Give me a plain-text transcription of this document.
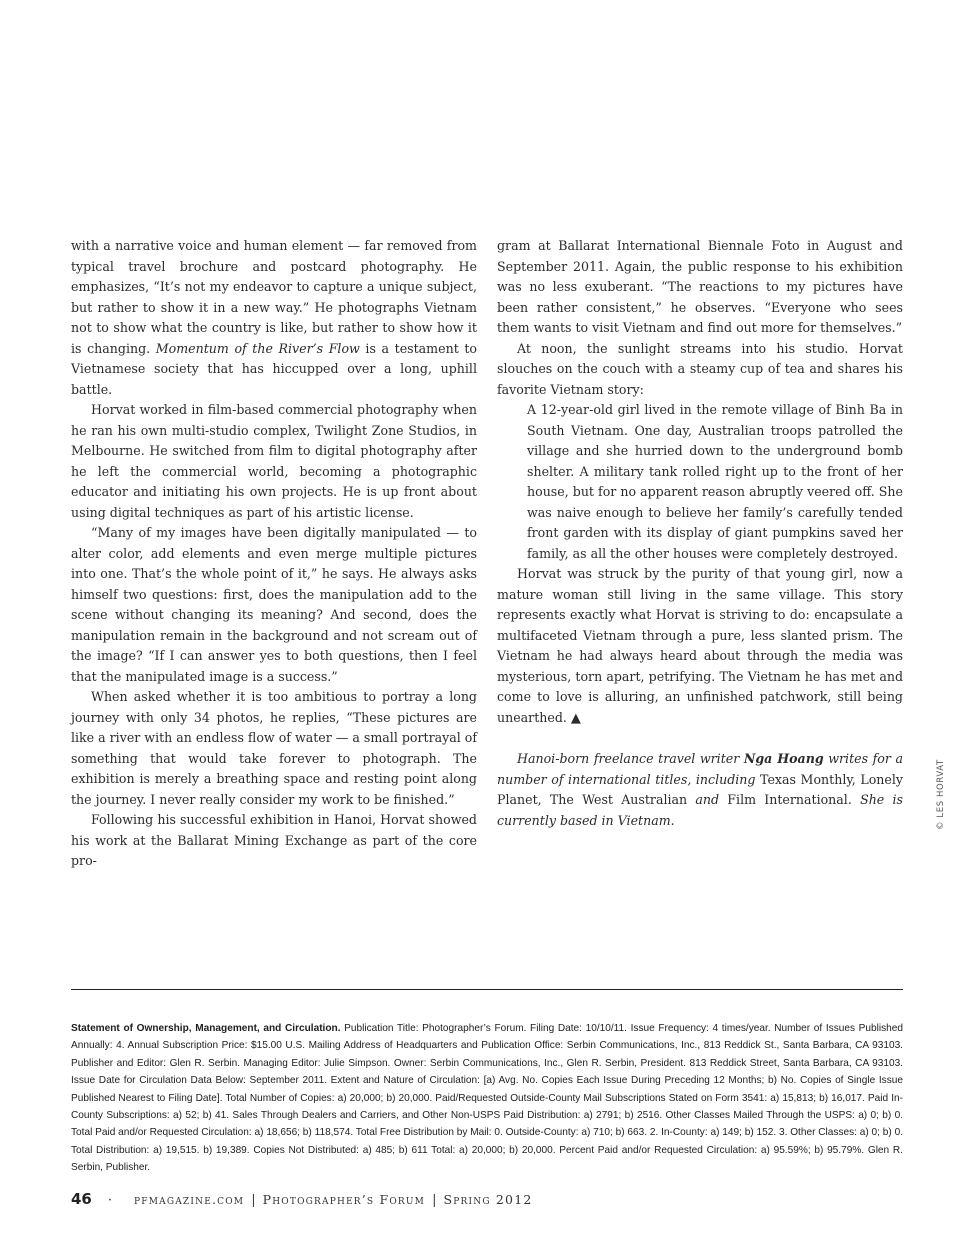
with a narrative voice and human element — far removed from typical travel brochure and postcard photography. He emphasizes, “It’s not my endeavor to capture a unique subject, but rather to show it in a new way.” He photographs Vietnam not to show what the country is like, but rather to show how it is changing. Momentum of the River’s Flow is a testament to Vietnamese society that has hiccupped over a long, uphill battle.

Horvat worked in film-based commercial photography when he ran his own multi-studio complex, Twilight Zone Studios, in Melbourne. He switched from film to digital photography after he left the commercial world, becoming a photographic educator and initiating his own projects. He is up front about using digital techniques as part of his artistic license.

“Many of my images have been digitally manipulated — to alter color, add elements and even merge multiple pictures into one. That’s the whole point of it,” he says. He always asks himself two questions: first, does the manipulation add to the scene without changing its meaning? And second, does the manipulation remain in the background and not scream out of the image? “If I can answer yes to both questions, then I feel that the manipulated image is a success.”

When asked whether it is too ambitious to portray a long journey with only 34 photos, he replies, “These pictures are like a river with an endless flow of water — a small portrayal of something that would take forever to photograph. The exhibition is merely a breathing space and resting point along the journey. I never really consider my work to be finished.”

Following his successful exhibition in Hanoi, Horvat showed his work at the Ballarat Mining Exchange as part of the core pro-

gram at Ballarat International Biennale Foto in August and September 2011. Again, the public response to his exhibition was no less exuberant. “The reactions to my pictures have been rather consistent,” he observes. “Everyone who sees them wants to visit Vietnam and find out more for themselves.”

At noon, the sunlight streams into his studio. Horvat slouches on the couch with a steamy cup of tea and shares his favorite Vietnam story:

A 12-year-old girl lived in the remote village of Binh Ba in South Vietnam. One day, Australian troops patrolled the village and she hurried down to the underground bomb shelter. A military tank rolled right up to the front of her house, but for no apparent reason abruptly veered off. She was naive enough to believe her family’s carefully tended front garden with its display of giant pumpkins saved her family, as all the other houses were completely destroyed.

Horvat was struck by the purity of that young girl, now a mature woman still living in the same village. This story represents exactly what Horvat is striving to do: encapsulate a multifaceted Vietnam through a pure, less slanted prism. The Vietnam he had always heard about through the media was mysterious, torn apart, petrifying. The Vietnam he has met and come to love is alluring, an unfinished patchwork, still being unearthed. ▲

Hanoi-born freelance travel writer Nga Hoang writes for a number of international titles, including Texas Monthly, Lonely Planet, The West Australian and Film International. She is currently based in Vietnam.	© LES HORVAT
Statement of Ownership, Management, and Circulation. Publication Title: Photographer’s Forum. Filing Date: 10/10/11. Issue Frequency: 4 times/year. Number of Issues Published Annually: 4. Annual Subscription Price: $15.00 U.S. Mailing Address of Headquarters and Publication Office: Serbin Communications, Inc., 813 Reddick St., Santa Barbara, CA 93103. Publisher and Editor: Glen R. Serbin. Managing Editor: Julie Simpson. Owner: Serbin Communications, Inc., Glen R. Serbin, President. 813 Reddick Street, Santa Barbara, CA 93103. Issue Date for Circulation Data Below: September 2011. Extent and Nature of Circulation: [a) Avg. No. Copies Each Issue During Preceding 12 Months; b) No. Copies of Single Issue Published Nearest to Filing Date]. Total Number of Copies: a) 20,000; b) 20,000. Paid/Requested Outside-County Mail Subscriptions Stated on Form 3541: a) 15,813; b) 16,017. Paid In-County Subscriptions: a) 52; b) 41. Sales Through Dealers and Carriers, and Other Non-USPS Paid Distribution: a) 2791; b) 2516. Other Classes Mailed Through the USPS: a) 0; b) 0. Total Paid and/or Requested Circulation: a) 18,656; b) 118,574. Total Free Distribution by Mail: 0. Outside-County: a) 710; b) 663. 2. In-County: a) 149; b) 152. 3. Other Classes: a) 0; b) 0. Total Distribution: a) 19,515. b) 19,389. Copies Not Distributed: a) 485; b) 611 Total: a) 20,000; b) 20,000. Percent Paid and/or Requested Circulation: a) 95.59%; b) 95.79%. Glen R. Serbin, Publisher.
46 · pfmagazine.com | Photographer’s Forum | Spring 2012
